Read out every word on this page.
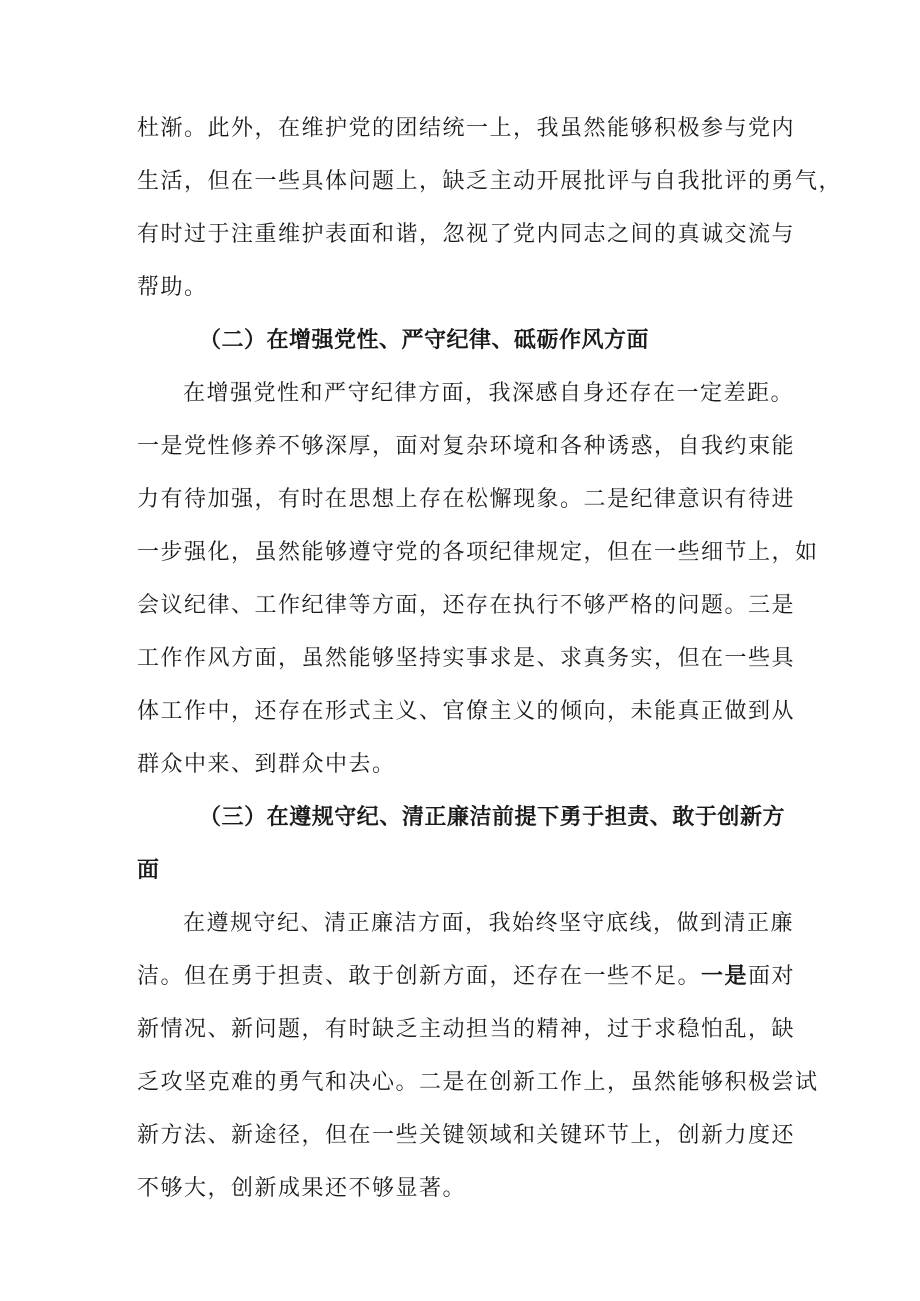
杜渐。此外，在维护党的团结统一上，我虽然能够积极参与党内
生活，但在一些具体问题上，缺乏主动开展批评与自我批评的勇气，
有时过于注重维护表面和谐，忽视了党内同志之间的真诚交流与
帮助。
（二）在增强党性、严守纪律、砥砺作风方面
在增强党性和严守纪律方面，我深感自身还存在一定差距。
一是党性修养不够深厚，面对复杂环境和各种诱惑，自我约束能
力有待加强，有时在思想上存在松懈现象。二是纪律意识有待进
一步强化，虽然能够遵守党的各项纪律规定，但在一些细节上，如
会议纪律、工作纪律等方面，还存在执行不够严格的问题。三是
工作作风方面，虽然能够坚持实事求是、求真务实，但在一些具
体工作中，还存在形式主义、官僚主义的倾向，未能真正做到从
群众中来、到群众中去。
（三）在遵规守纪、清正廉洁前提下勇于担责、敢于创新方
面
在遵规守纪、清正廉洁方面，我始终坚守底线，做到清正廉
洁。但在勇于担责、敢于创新方面，还存在一些不足。一是面对
新情况、新问题，有时缺乏主动担当的精神，过于求稳怕乱，缺
乏攻坚克难的勇气和决心。二是在创新工作上，虽然能够积极尝试
新方法、新途径，但在一些关键领域和关键环节上，创新力度还
不够大，创新成果还不够显著。
